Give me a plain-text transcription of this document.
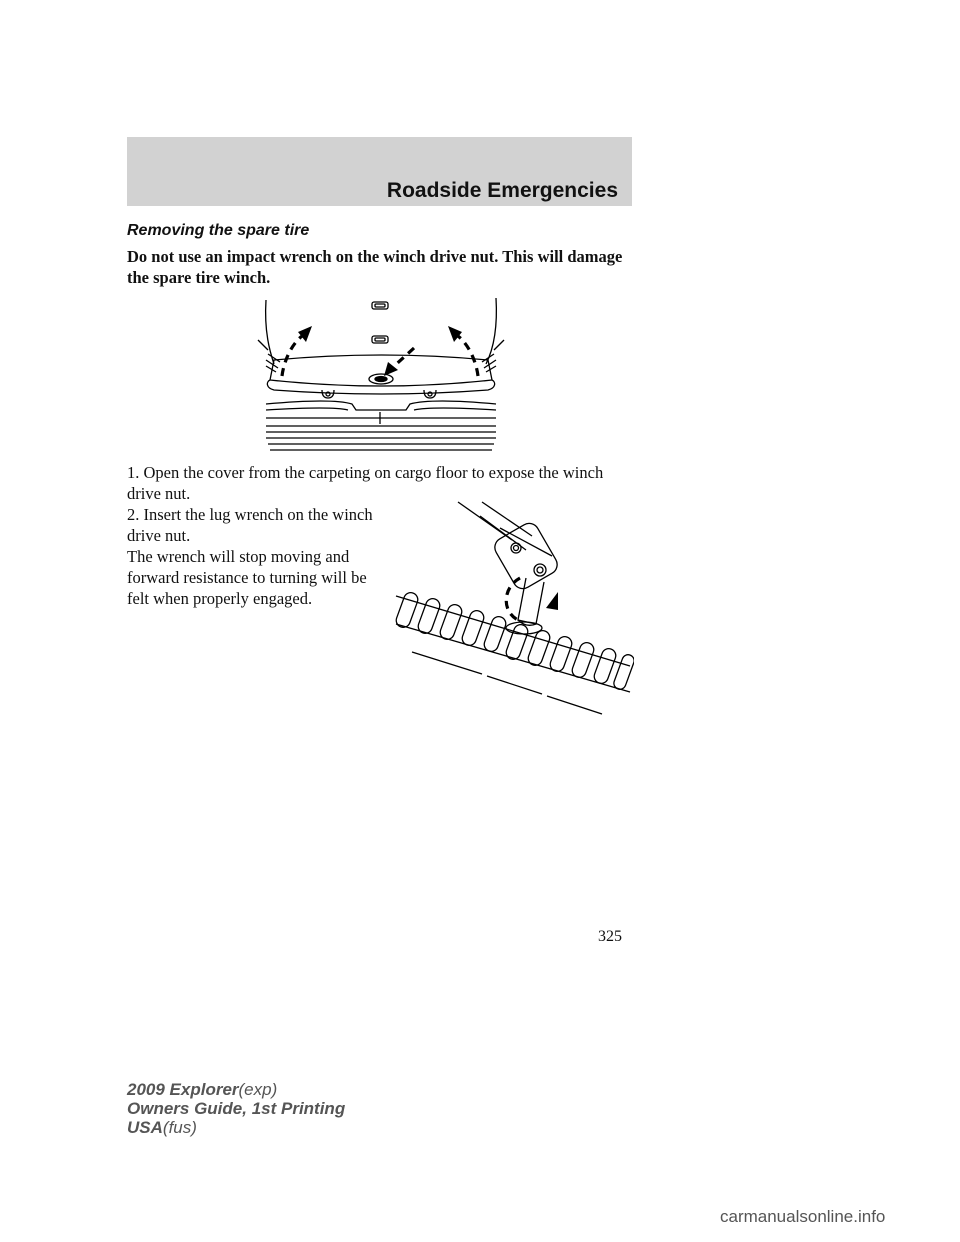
Roadside Emergencies
Removing the spare tire

Do not use an impact wrench on the winch drive nut. This will damage the spare tire winch.

1. Open the cover from the carpeting on cargo floor to expose the winch drive nut.

2. Insert the lug wrench on the winch drive nut.

The wrench will stop moving and forward resistance to turning will be felt when properly engaged.

325
2009 Explorer(exp)
Owners Guide, 1st Printing
USA(fus)
carmanualsonline.info
